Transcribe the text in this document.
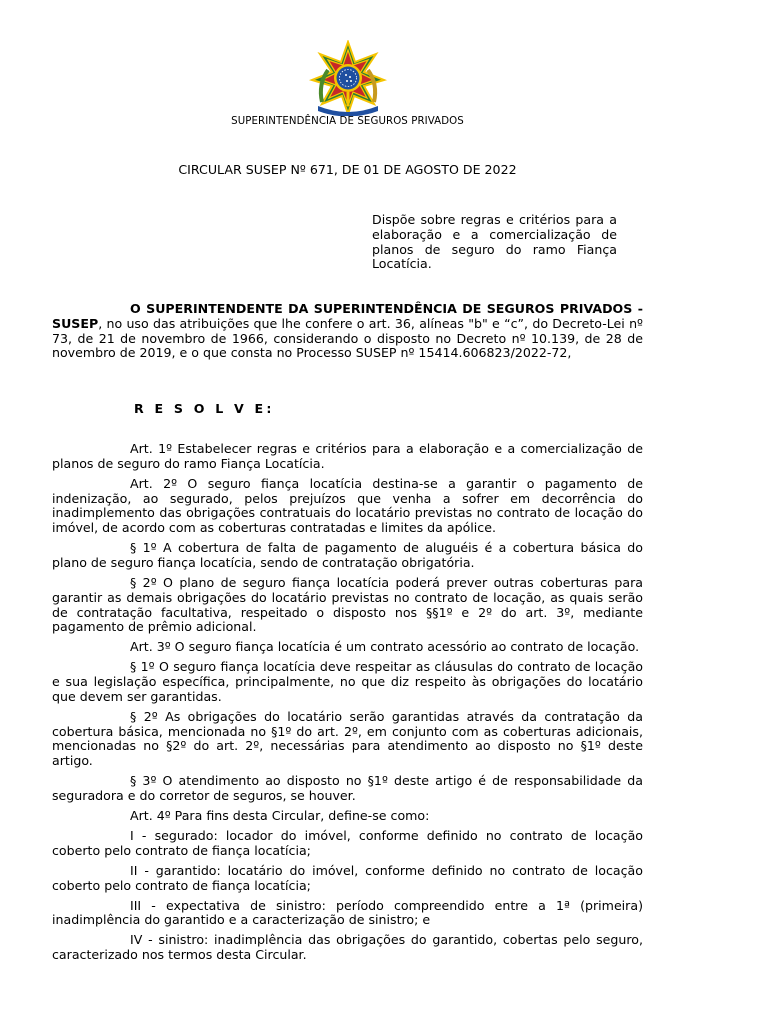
SUPERINTENDÊNCIA DE SEGUROS PRIVADOS
CIRCULAR SUSEP Nº 671, DE 01 DE AGOSTO DE 2022
Dispõe sobre regras e critérios para a elaboração e a comercialização de planos de seguro do ramo Fiança Locatícia.
O SUPERINTENDENTE DA SUPERINTENDÊNCIA DE SEGUROS PRIVADOS - SUSEP, no uso das atribuições que lhe confere o art. 36, alíneas "b" e “c”, do Decreto-Lei nº 73, de 21 de novembro de 1966, considerando o disposto no Decreto nº 10.139, de 28 de novembro de 2019, e o que consta no Processo SUSEP nº 15414.606823/2022-72,
R E S O L V E:

Art. 1º Estabelecer regras e critérios para a elaboração e a comercialização de planos de seguro do ramo Fiança Locatícia.

Art. 2º O seguro fiança locatícia destina-se a garantir o pagamento de indenização, ao segurado, pelos prejuízos que venha a sofrer em decorrência do inadimplemento das obrigações contratuais do locatário previstas no contrato de locação do imóvel, de acordo com as coberturas contratadas e limites da apólice.

§ 1º A cobertura de falta de pagamento de aluguéis é a cobertura básica do plano de seguro fiança locatícia, sendo de contratação obrigatória.

§ 2º O plano de seguro fiança locatícia poderá prever outras coberturas para garantir as demais obrigações do locatário previstas no contrato de locação, as quais serão de contratação facultativa, respeitado o disposto nos §§1º e 2º do art. 3º, mediante pagamento de prêmio adicional.

Art. 3º O seguro fiança locatícia é um contrato acessório ao contrato de locação.

§ 1º O seguro fiança locatícia deve respeitar as cláusulas do contrato de locação e sua legislação específica, principalmente, no que diz respeito às obrigações do locatário que devem ser garantidas.

§ 2º As obrigações do locatário serão garantidas através da contratação da cobertura básica, mencionada no §1º do art. 2º, em conjunto com as coberturas adicionais, mencionadas no §2º do art. 2º, necessárias para atendimento ao disposto no §1º deste artigo.

§ 3º O atendimento ao disposto no §1º deste artigo é de responsabilidade da seguradora e do corretor de seguros, se houver.

Art. 4º Para fins desta Circular, define-se como:

I - segurado: locador do imóvel, conforme definido no contrato de locação coberto pelo contrato de fiança locatícia;

II - garantido: locatário do imóvel, conforme definido no contrato de locação coberto pelo contrato de fiança locatícia;

III - expectativa de sinistro: período compreendido entre a 1ª (primeira) inadimplência do garantido e a caracterização de sinistro; e

IV - sinistro: inadimplência das obrigações do garantido, cobertas pelo seguro, caracterizado nos termos desta Circular.
